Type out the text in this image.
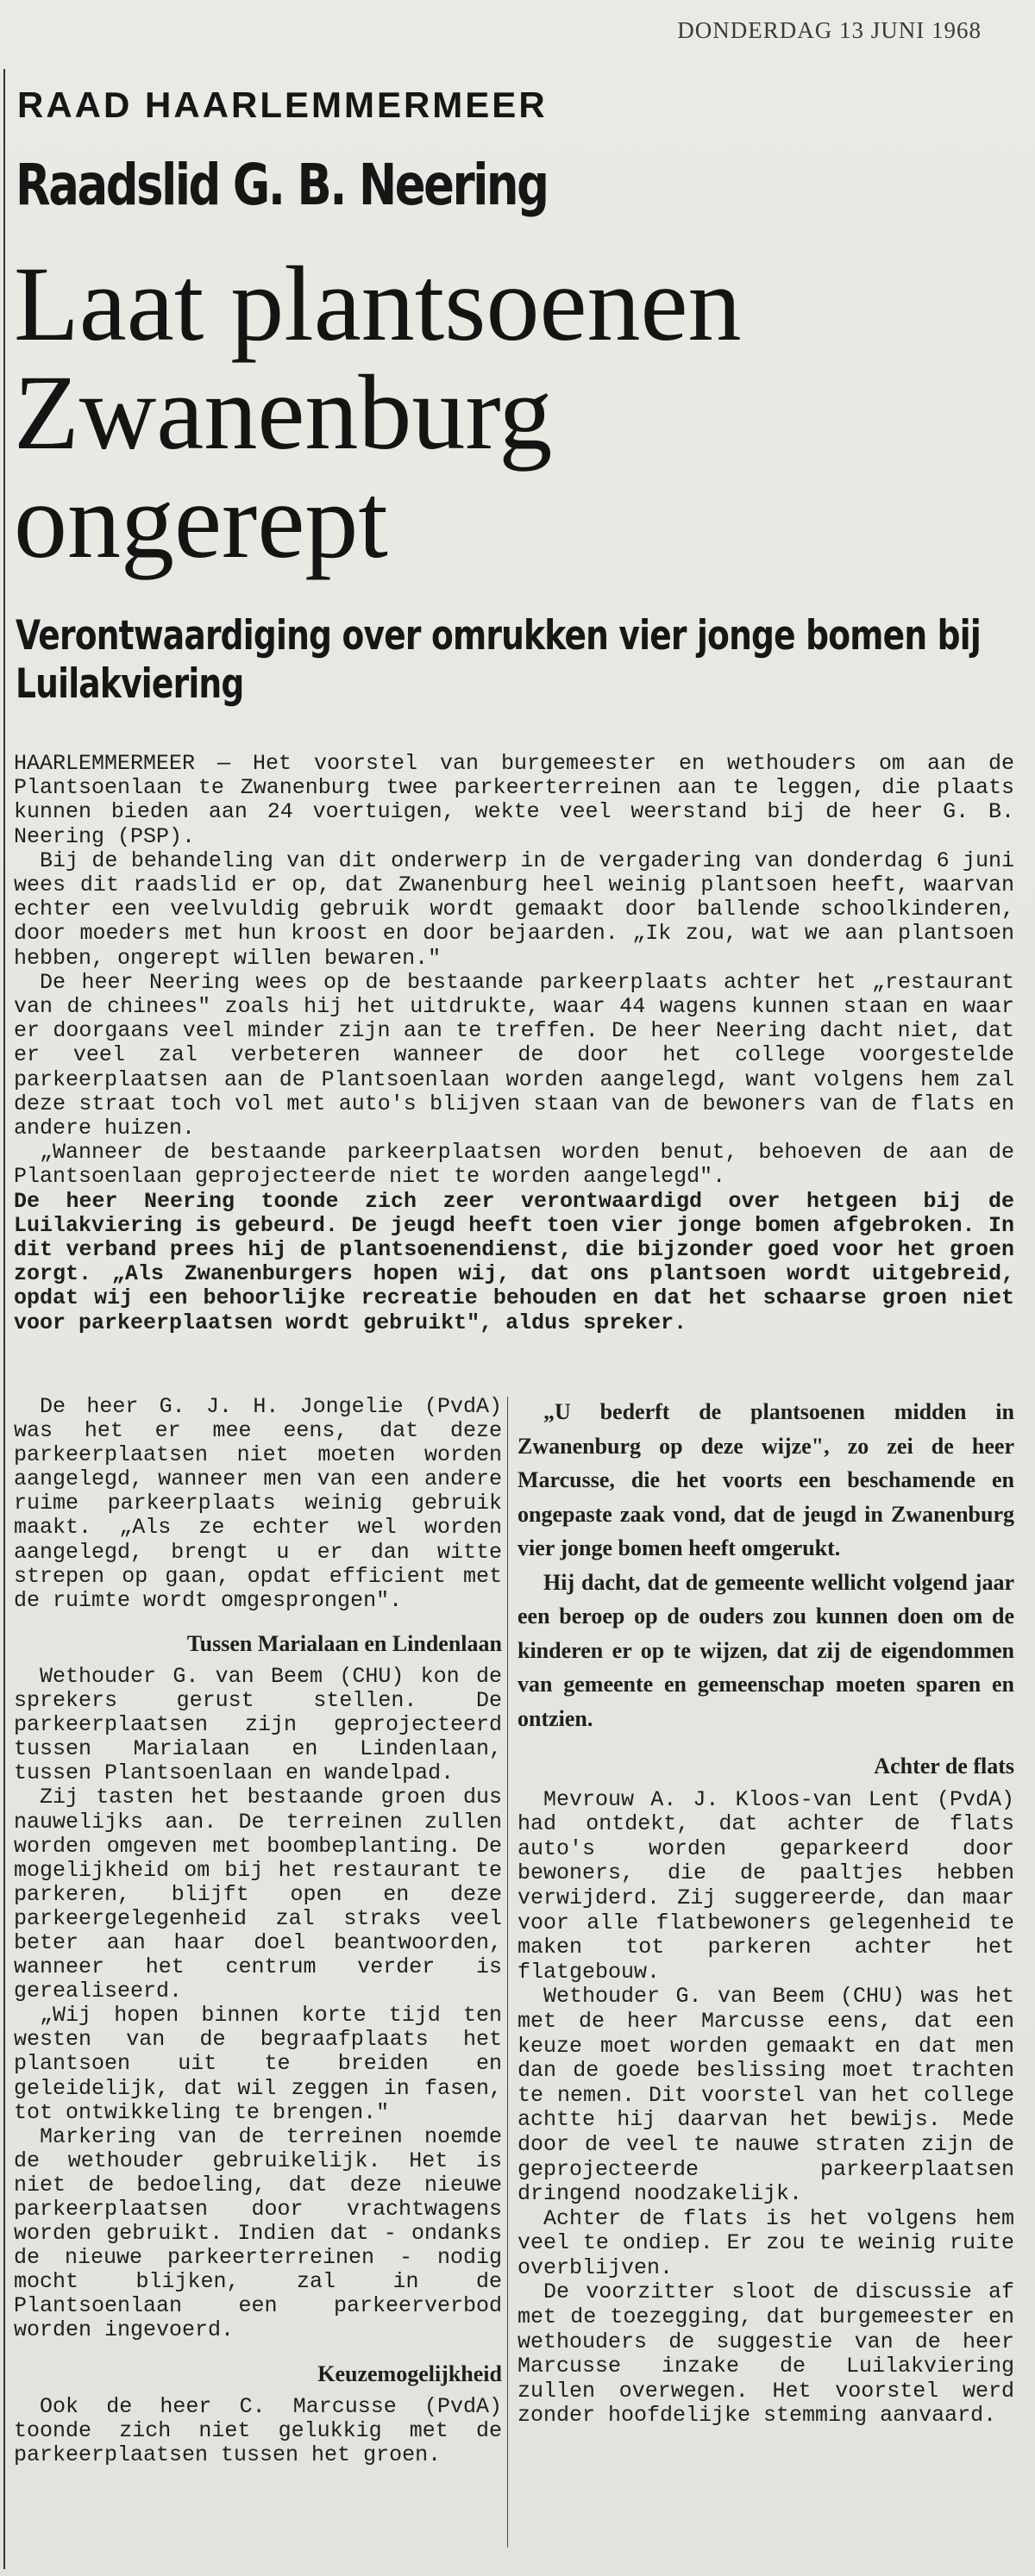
DONDERDAG 13 JUNI 1968
RAAD HAARLEMMERMEER
Raadslid G. B. Neering
Laat plantsoenen
Zwanenburg
ongerept
Verontwaardiging over omrukken vier jonge bomen bij Luilakviering

HAARLEMMERMEER — Het voorstel van burgemeester en wethouders om aan de Plantsoenlaan te Zwanenburg twee parkeerterreinen aan te leggen, die plaats kunnen bieden aan 24 voertuigen, wekte veel weerstand bij de heer G. B. Neering (PSP).

Bij de behandeling van dit onderwerp in de vergadering van donderdag 6 juni wees dit raadslid er op, dat Zwanenburg heel weinig plantsoen heeft, waarvan echter een veelvuldig gebruik wordt gemaakt door ballende schoolkinderen, door moeders met hun kroost en door bejaarden. „Ik zou, wat we aan plantsoen hebben, ongerept willen bewaren."

De heer Neering wees op de bestaande parkeerplaats achter het „restaurant van de chinees" zoals hij het uitdrukte, waar 44 wagens kunnen staan en waar er doorgaans veel minder zijn aan te treffen. De heer Neering dacht niet, dat er veel zal verbeteren wanneer de door het college voorgestelde parkeerplaatsen aan de Plantsoenlaan worden aangelegd, want volgens hem zal deze straat toch vol met auto's blijven staan van de bewoners van de flats en andere huizen.

„Wanneer de bestaande parkeerplaatsen worden benut, behoeven de aan de Plantsoenlaan geprojecteerde niet te worden aangelegd".

De heer Neering toonde zich zeer verontwaardigd over hetgeen bij de Luilakviering is gebeurd. De jeugd heeft toen vier jonge bomen afgebroken. In dit verband prees hij de plantsoenendienst, die bijzonder goed voor het groen zorgt. „Als Zwanenburgers hopen wij, dat ons plantsoen wordt uitgebreid, opdat wij een behoorlijke recreatie behouden en dat het schaarse groen niet voor parkeerplaatsen wordt gebruikt", aldus spreker.

De heer G. J. H. Jongelie (PvdA) was het er mee eens, dat deze parkeerplaatsen niet moeten worden aangelegd, wanneer men van een andere ruime parkeerplaats weinig gebruik maakt. „Als ze echter wel worden aangelegd, brengt u er dan witte strepen op gaan, opdat efficient met de ruimte wordt omgesprongen".

Tussen Marialaan en Lindenlaan

Wethouder G. van Beem (CHU) kon de sprekers gerust stellen. De parkeerplaatsen zijn geprojecteerd tussen Marialaan en Lindenlaan, tussen Plantsoenlaan en wandelpad.

Zij tasten het bestaande groen dus nauwelijks aan. De terreinen zullen worden omgeven met boombeplanting. De mogelijkheid om bij het restaurant te parkeren, blijft open en deze parkeergelegenheid zal straks veel beter aan haar doel beantwoorden, wanneer het centrum verder is gerealiseerd.

„Wij hopen binnen korte tijd ten westen van de begraafplaats het plantsoen uit te breiden en geleidelijk, dat wil zeggen in fasen, tot ontwikkeling te brengen."

Markering van de terreinen noemde de wethouder gebruikelijk. Het is niet de bedoeling, dat deze nieuwe parkeerplaatsen door vrachtwagens worden gebruikt. Indien dat - ondanks de nieuwe parkeerterreinen - nodig mocht blijken, zal in de Plantsoenlaan een parkeerverbod worden ingevoerd.

Keuzemogelijkheid

Ook de heer C. Marcusse (PvdA) toonde zich niet gelukkig met de parkeerplaatsen tussen het groen.

„U bederft de plantsoenen midden in Zwanenburg op deze wijze", zo zei de heer Marcusse, die het voorts een beschamende en ongepaste zaak vond, dat de jeugd in Zwanenburg vier jonge bomen heeft omgerukt.

Hij dacht, dat de gemeente wellicht volgend jaar een beroep op de ouders zou kunnen doen om de kinderen er op te wijzen, dat zij de eigendommen van gemeente en gemeenschap moeten sparen en ontzien.

Achter de flats

Mevrouw A. J. Kloos-van Lent (PvdA) had ontdekt, dat achter de flats auto's worden geparkeerd door bewoners, die de paaltjes hebben verwijderd. Zij suggereerde, dan maar voor alle flatbewoners gelegenheid te maken tot parkeren achter het flatgebouw.

Wethouder G. van Beem (CHU) was het met de heer Marcusse eens, dat een keuze moet worden gemaakt en dat men dan de goede beslissing moet trachten te nemen. Dit voorstel van het college achtte hij daarvan het bewijs. Mede door de veel te nauwe straten zijn de geprojecteerde parkeerplaatsen dringend noodzakelijk.

Achter de flats is het volgens hem veel te ondiep. Er zou te weinig ruite overblijven.

De voorzitter sloot de discussie af met de toezegging, dat burgemeester en wethouders de suggestie van de heer Marcusse inzake de Luilakviering zullen overwegen. Het voorstel werd zonder hoofdelijke stemming aanvaard.
